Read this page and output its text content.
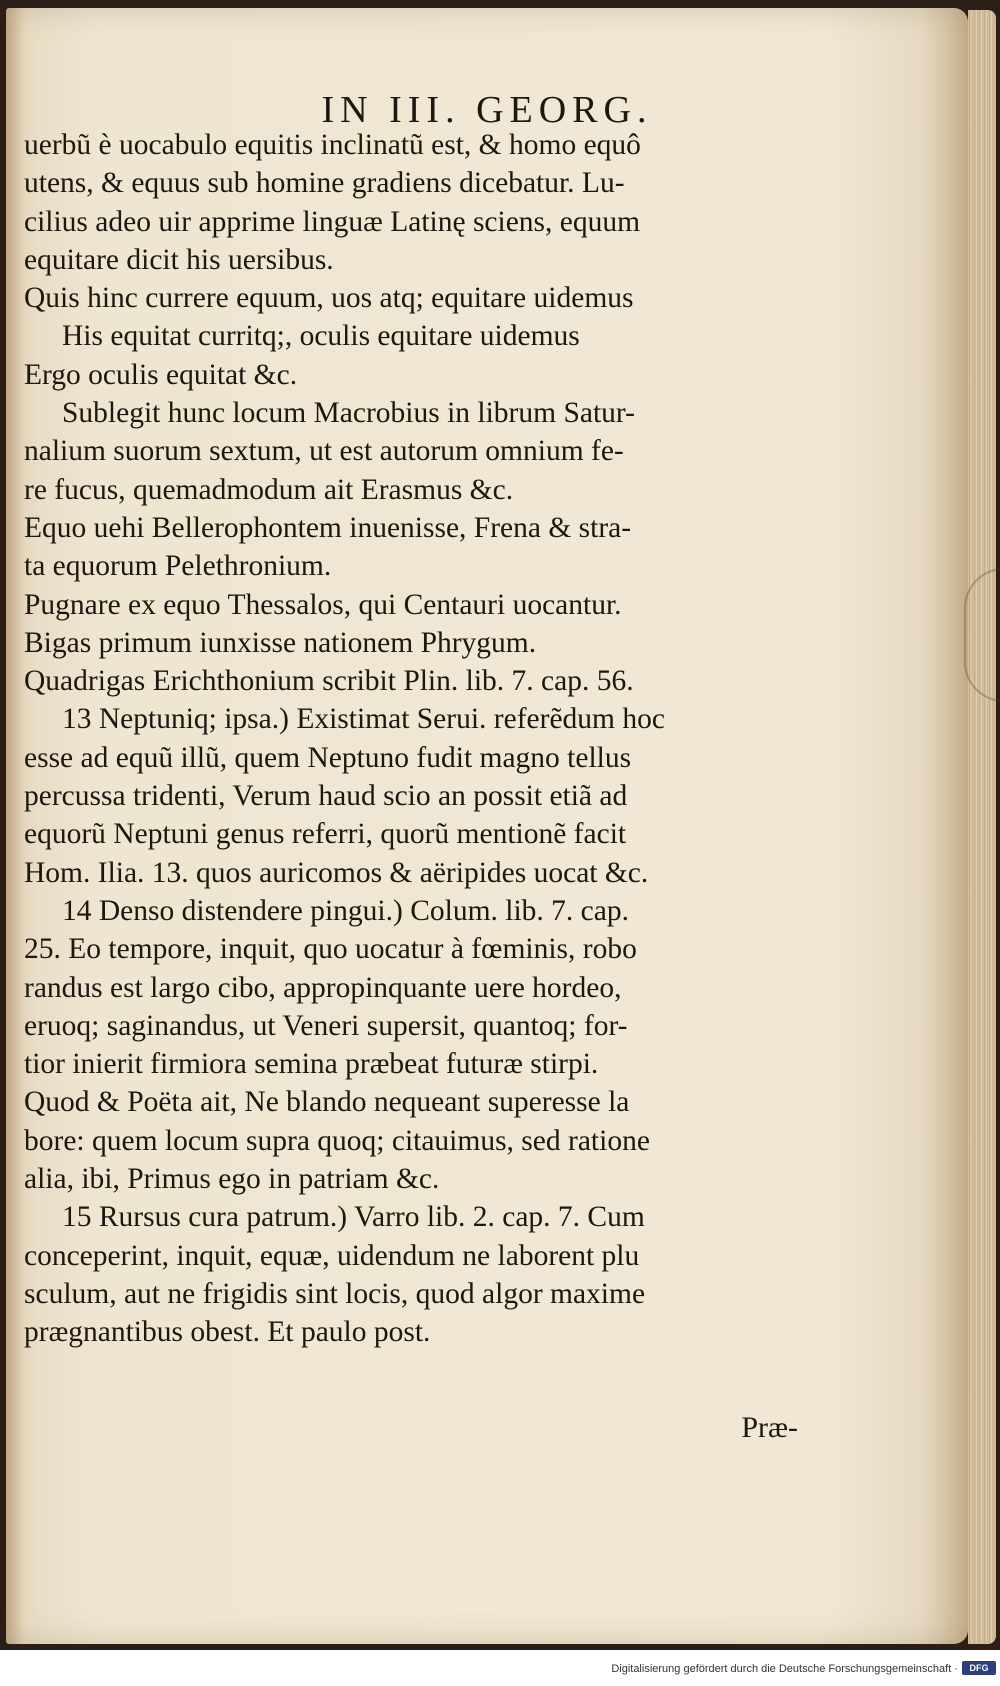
IN III. GEORG.
uerbũ è uocabulo equitis inclinatũ est, & homo equô
utens, & equus sub homine gradiens dicebatur. Lu-
cilius adeo uir apprime linguæ Latinę sciens, equum
equitare dicit his uersibus.
Quis hinc currere equum, uos atq; equitare uidemus
His equitat curritq;, oculis equitare uidemus
Ergo oculis equitat &c.
Sublegit hunc locum Macrobius in librum Satur-
nalium suorum sextum, ut est autorum omnium fe-
re fucus, quemadmodum ait Erasmus &c.
Equo uehi Bellerophontem inuenisse, Frena & stra-
ta equorum Pelethronium.
Pugnare ex equo Thessalos, qui Centauri uocantur.
Bigas primum iunxisse nationem Phrygum.
Quadrigas Erichthonium scribit Plin. lib. 7. cap. 56.
13 Neptuniq; ipsa.) Existimat Serui. referẽdum hoc
esse ad equũ illũ, quem Neptuno fudit magno tellus
percussa tridenti, Verum haud scio an possit etiã ad
equorũ Neptuni genus referri, quorũ mentionẽ facit
Hom. Ilia. 13. quos auricomos & aëripides uocat &c.
14 Denso distendere pingui.) Colum. lib. 7. cap.
25. Eo tempore, inquit, quo uocatur à fœminis, robo
randus est largo cibo, appropinquante uere hordeo,
eruoq; saginandus, ut Veneri supersit, quantoq; for-
tior inierit firmiora semina præbeat futuræ stirpi.
Quod & Poëta ait, Ne blando nequeant superesse la
bore: quem locum supra quoq; citauimus, sed ratione
alia, ibi, Primus ego in patriam &c.
15 Rursus cura patrum.) Varro lib. 2. cap. 7. Cum
conceperint, inquit, equæ, uidendum ne laborent plu
sculum, aut ne frigidis sint locis, quod algor maxime
prægnantibus obest. Et paulo post.
Præ-
Digitalisierung gefördert durch die Deutsche Forschungsgemeinschaft ·	DFG
